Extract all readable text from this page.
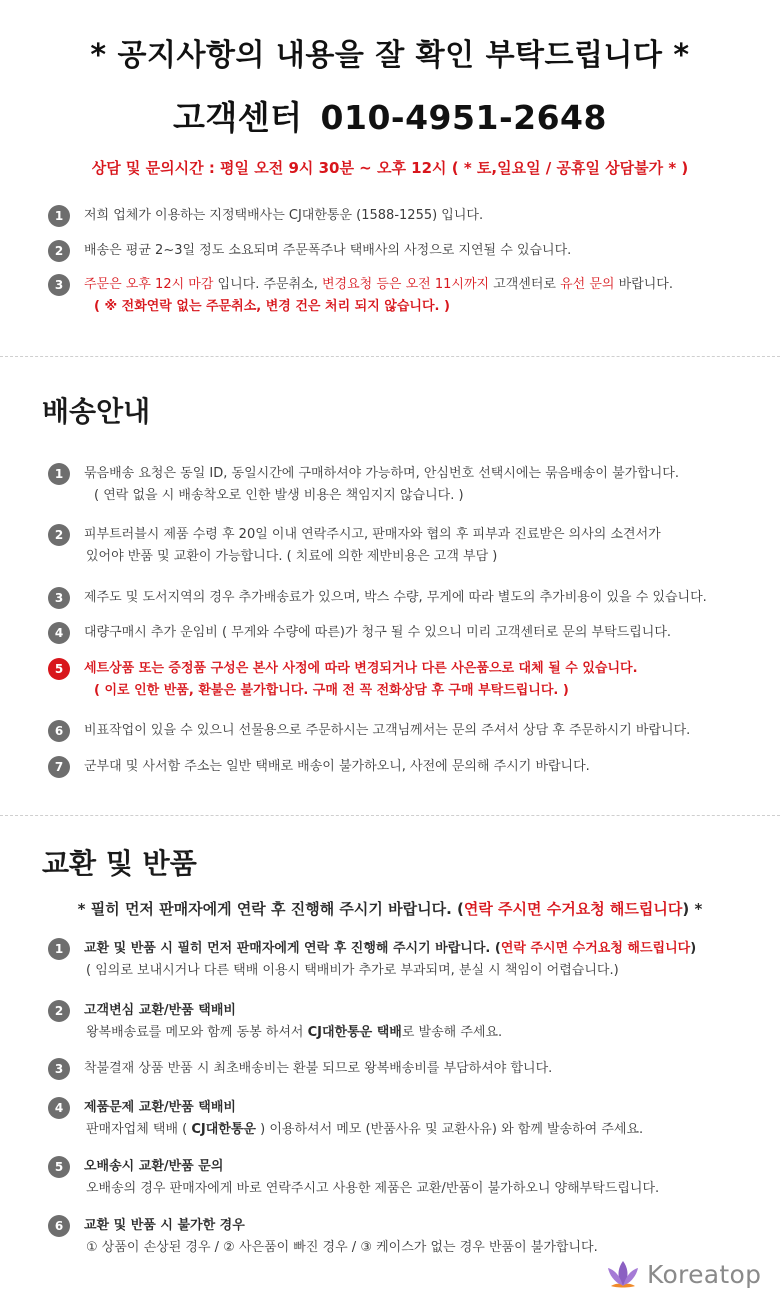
* 공지사항의 내용을 잘 확인 부탁드립니다 *
고객센터 010-4951-2648
상담 및 문의시간 : 평일 오전 9시 30분 ~ 오후 12시 ( * 토,일요일 / 공휴일 상담불가 * )
1	저희 업체가 이용하는 지정택배사는 CJ대한통운 (1588-1255) 입니다.
2	배송은 평균 2~3일 정도 소요되며 주문폭주나 택배사의 사정으로 지연될 수 있습니다.
3	주문은 오후 12시 마감 입니다. 주문취소, 변경요청 등은 오전 11시까지 고객센터로 유선 문의 바랍니다.
( ※ 전화연락 없는 주문취소, 변경 건은 처리 되지 않습니다. )
배송안내
1	묶음배송 요청은 동일 ID, 동일시간에 구매하셔야 가능하며, 안심번호 선택시에는 묶음배송이 불가합니다.
( 연락 없을 시 배송착오로 인한 발생 비용은 책임지지 않습니다. )
2	피부트러블시 제품 수령 후 20일 이내 연락주시고, 판매자와 협의 후 피부과 진료받은 의사의 소견서가
있어야 반품 및 교환이 가능합니다. ( 치료에 의한 제반비용은 고객 부담 )
3	제주도 및 도서지역의 경우 추가배송료가 있으며, 박스 수량, 무게에 따라 별도의 추가비용이 있을 수 있습니다.
4	대량구매시 추가 운임비 ( 무게와 수량에 따른)가 청구 될 수 있으니 미리 고객센터로 문의 부탁드립니다.
5	세트상품 또는 증정품 구성은 본사 사정에 따라 변경되거나 다른 사은품으로 대체 될 수 있습니다.
( 이로 인한 반품, 환불은 불가합니다. 구매 전 꼭 전화상담 후 구매 부탁드립니다. )
6	비표작업이 있을 수 있으니 선물용으로 주문하시는 고객님께서는 문의 주셔서 상담 후 주문하시기 바랍니다.
7	군부대 및 사서함 주소는 일반 택배로 배송이 불가하오니, 사전에 문의해 주시기 바랍니다.
교환 및 반품
* 필히 먼저 판매자에게 연락 후 진행해 주시기 바랍니다. (연락 주시면 수거요청 해드립니다) *
1	교환 및 반품 시 필히 먼저 판매자에게 연락 후 진행해 주시기 바랍니다. (연락 주시면 수거요청 해드립니다)
( 임의로 보내시거나 다른 택배 이용시 택배비가 추가로 부과되며, 분실 시 책임이 어렵습니다.)
2	고객변심 교환/반품 택배비
왕복배송료를 메모와 함께 동봉 하셔서 CJ대한통운 택배로 발송해 주세요.
3	착불결재 상품 반품 시 최초배송비는 환불 되므로 왕복배송비를 부담하셔야 합니다.
4	제품문제 교환/반품 택배비
판매자업체 택배 ( CJ대한통운 ) 이용하셔서 메모 (반품사유 및 교환사유) 와 함께 발송하여 주세요.
5	오배송시 교환/반품 문의
오배송의 경우 판매자에게 바로 연락주시고 사용한 제품은 교환/반품이 불가하오니 양해부탁드립니다.
6	교환 및 반품 시 불가한 경우
① 상품이 손상된 경우 / ② 사은품이 빠진 경우 / ③ 케이스가 없는 경우 반품이 불가합니다.
Koreatop
